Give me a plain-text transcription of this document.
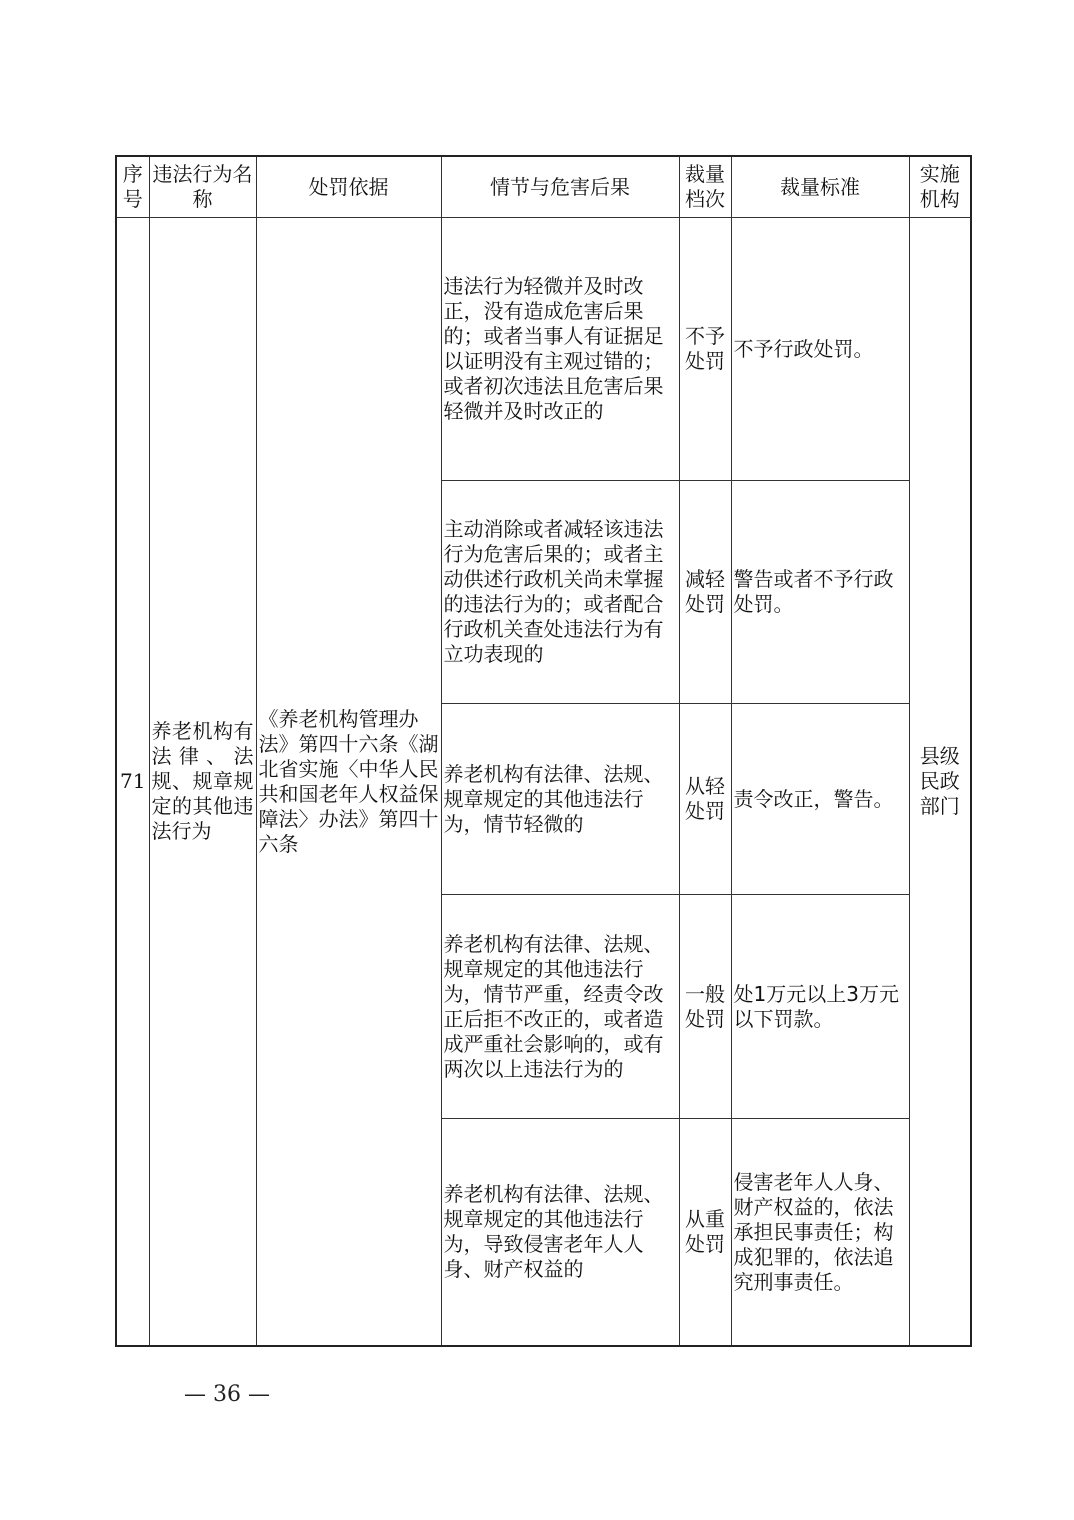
序号	违法行为名称	处罚依据	情节与危害后果	裁量档次	裁量标准	实施机构
71	养老机构有法律、法规、规章规定的其他违法行为	《养老机构管理办法》第四十六条《湖北省实施〈中华人民共和国老年人权益保障法〉办法》第四十六条	违法行为轻微并及时改正，没有造成危害后果的；或者当事人有证据足以证明没有主观过错的；或者初次违法且危害后果轻微并及时改正的	不予处罚	不予行政处罚。	县级民政部门
			主动消除或者减轻该违法行为危害后果的；或者主动供述行政机关尚未掌握的违法行为的；或者配合行政机关查处违法行为有立功表现的	减轻处罚	警告或者不予行政处罚。	
			养老机构有法律、法规、规章规定的其他违法行为，情节轻微的	从轻处罚	责令改正，警告。	
			养老机构有法律、法规、规章规定的其他违法行为，情节严重，经责令改正后拒不改正的，或者造成严重社会影响的，或有两次以上违法行为的	一般处罚	处1万元以上3万元以下罚款。	
			养老机构有法律、法规、规章规定的其他违法行为，导致侵害老年人人身、财产权益的	从重处罚	侵害老年人人身、财产权益的，依法承担民事责任；构成犯罪的，依法追究刑事责任。	
— 36 —
